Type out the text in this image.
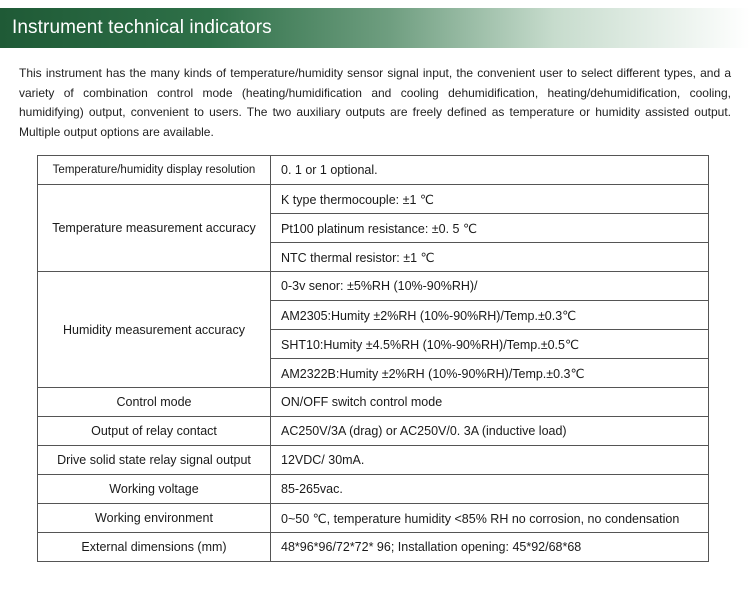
Instrument technical indicators
This instrument has the many kinds of temperature/humidity sensor signal input, the convenient user to select different types, and a variety of combination control mode (heating/humidification and cooling dehumidification, heating/dehumidification, cooling, humidifying) output, convenient to users. The two auxiliary outputs are freely defined as temperature or humidity assisted output. Multiple output options are available.
Temperature/humidity display resolution	0. 1 or 1 optional.
Temperature measurement accuracy	K type thermocouple: ±1 ℃
	Pt100 platinum resistance: ±0. 5 ℃
	NTC thermal resistor: ±1 ℃
Humidity measurement accuracy	0-3v senor: ±5%RH (10%-90%RH)/
	AM2305:Humity ±2%RH (10%-90%RH)/Temp.±0.3℃
	SHT10:Humity ±4.5%RH (10%-90%RH)/Temp.±0.5℃
	AM2322B:Humity ±2%RH (10%-90%RH)/Temp.±0.3℃
Control mode	ON/OFF switch control mode
Output of relay contact	AC250V/3A (drag) or AC250V/0. 3A (inductive load)
Drive solid state relay signal output	12VDC/ 30mA.
Working voltage	85-265vac.
Working environment	0~50 ℃, temperature humidity <85% RH no corrosion, no condensation
External dimensions (mm)	48*96*96/72*72* 96; Installation opening: 45*92/68*68
